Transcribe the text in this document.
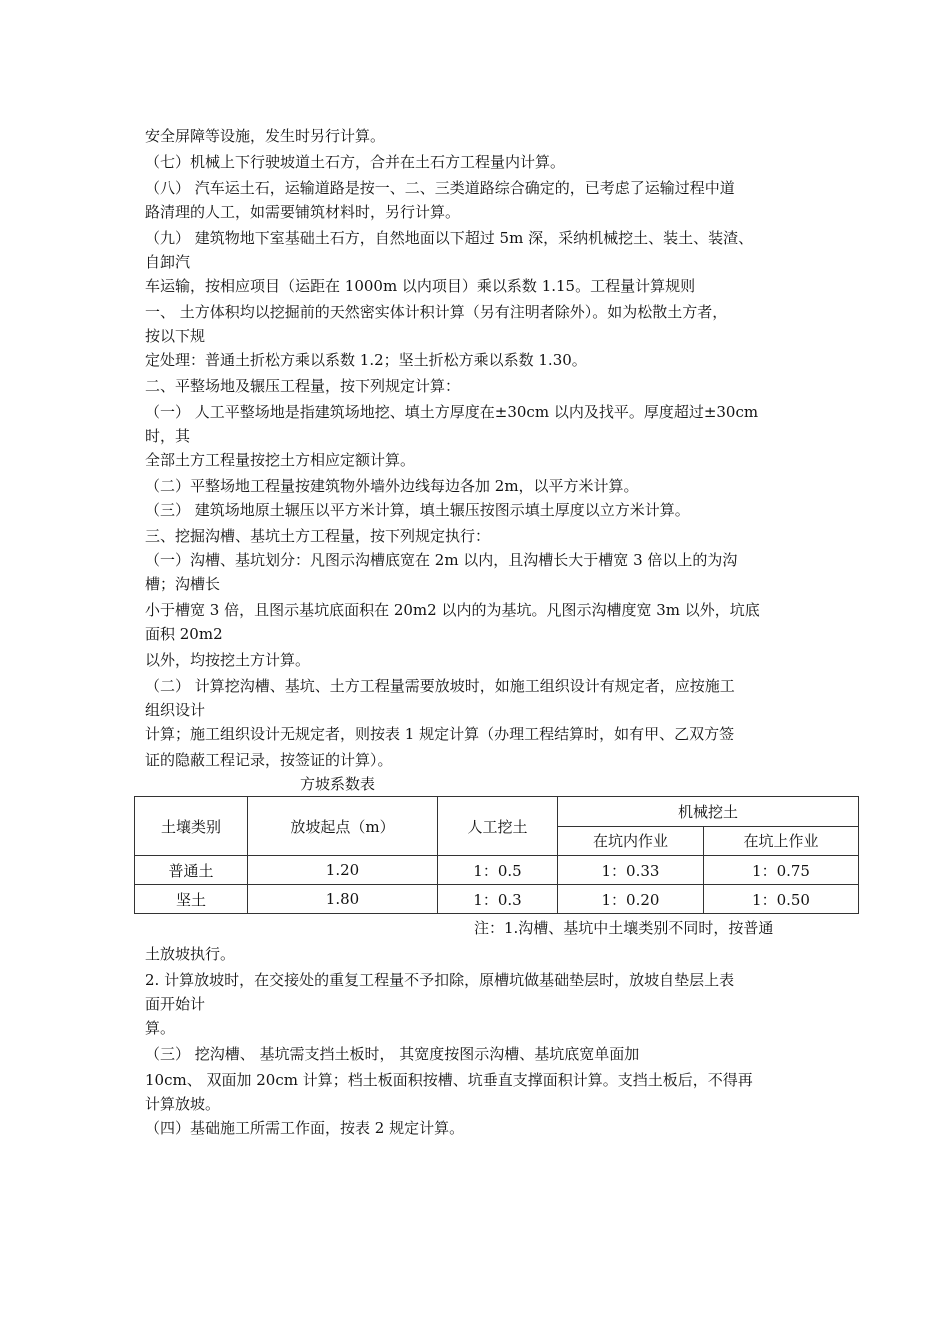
安全屏障等设施，发生时另行计算。
（七）机械上下行驶坡道土石方，合并在土石方工程量内计算。
（八） 汽车运土石，运输道路是按一、二、三类道路综合确定的，已考虑了运输过程中道
路清理的人工，如需要铺筑材料时，另行计算。
（九） 建筑物地下室基础土石方，自然地面以下超过 5m 深，采纳机械挖土、装土、装渣、
自卸汽
车运输，按相应项目（运距在 1000m 以内项目）乘以系数 1.15。工程量计算规则
一、 土方体积均以挖掘前的天然密实体计积计算（另有注明者除外）。如为松散土方者，
按以下规
定处理：普通土折松方乘以系数 1.2；坚土折松方乘以系数 1.30。
二、平整场地及辗压工程量，按下列规定计算：
（一） 人工平整场地是指建筑场地挖、填土方厚度在±30cm 以内及找平。厚度超过±30cm
时，其
全部土方工程量按挖土方相应定额计算。
（二）平整场地工程量按建筑物外墙外边线每边各加 2m，以平方米计算。
（三） 建筑场地原土辗压以平方米计算，填土辗压按图示填土厚度以立方米计算。
三、挖掘沟槽、基坑土方工程量，按下列规定执行：
（一）沟槽、基坑划分：凡图示沟槽底宽在 2m 以内，且沟槽长大于槽宽 3 倍以上的为沟
槽；沟槽长
小于槽宽 3 倍，且图示基坑底面积在 20m2 以内的为基坑。凡图示沟槽度宽 3m 以外，坑底
面积 20m2
以外，均按挖土方计算。
（二） 计算挖沟槽、基坑、土方工程量需要放坡时，如施工组织设计有规定者，应按施工
组织设计
计算；施工组织设计无规定者，则按表 1 规定计算（办理工程结算时，如有甲、乙双方签
证的隐蔽工程记录，按签证的计算）。
方坡系数表
土壤类别	放坡起点（m）	人工挖土	机械挖土	
			在坑内作业	在坑上作业
普通土	1.20	1：0.5	1：0.33	1：0.75
坚土	1.80	1：0.3	1：0.20	1：0.50
注：1.沟槽、基坑中土壤类别不同时，按普通
土放坡执行。
2. 计算放坡时，在交接处的重复工程量不予扣除，原槽坑做基础垫层时，放坡自垫层上表
面开始计
算。
（三） 挖沟槽、 基坑需支挡土板时， 其宽度按图示沟槽、基坑底宽单面加
10cm、 双面加 20cm 计算；档土板面积按槽、坑垂直支撑面积计算。支挡土板后，不得再
计算放坡。
（四）基础施工所需工作面，按表 2 规定计算。
